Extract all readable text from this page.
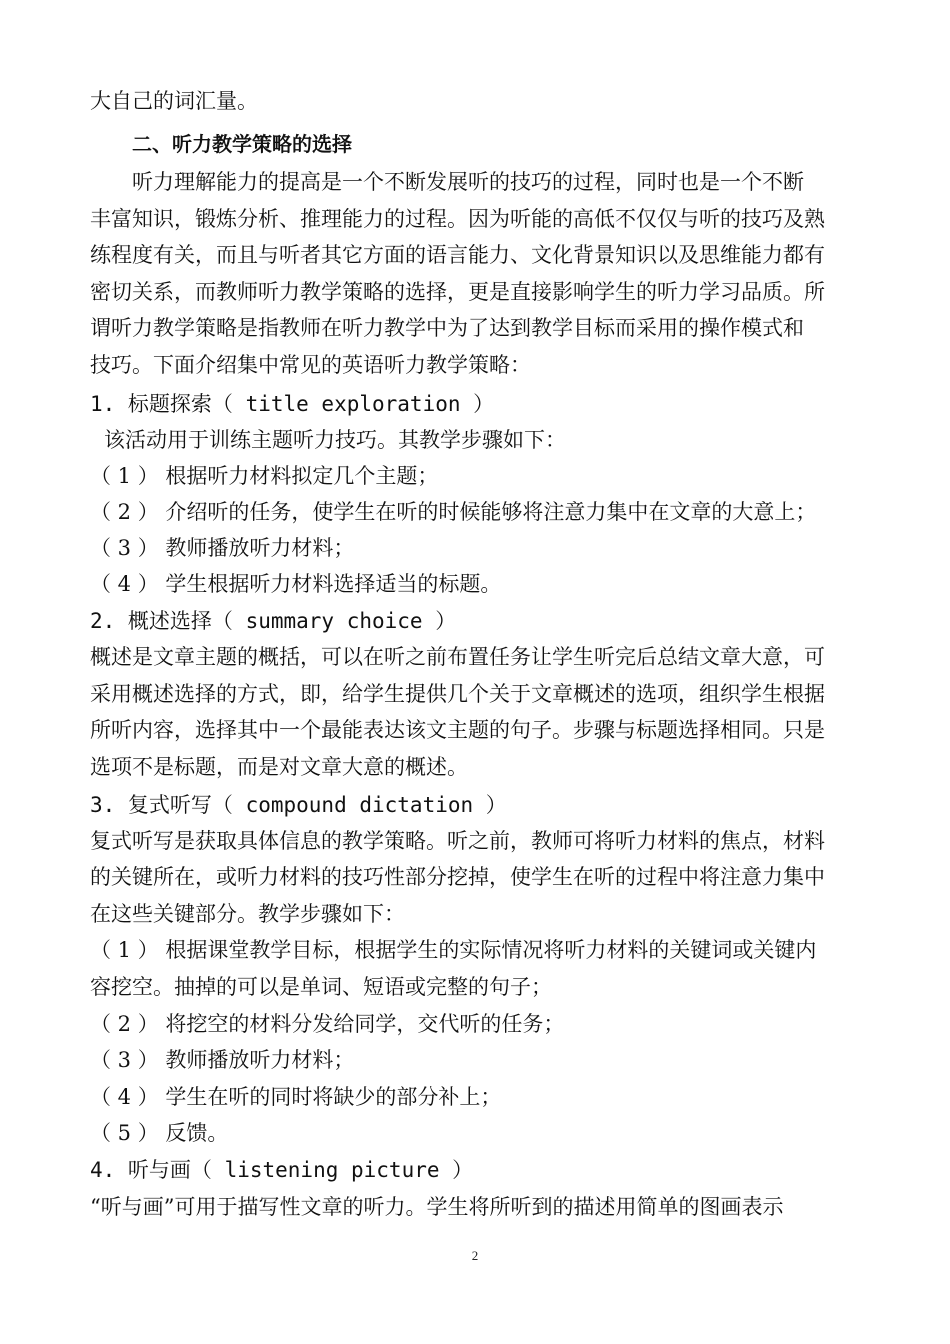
大自己的词汇量。
二、听力教学策略的选择
听力理解能力的提高是一个不断发展听的技巧的过程，同时也是一个不断
丰富知识，锻炼分析、推理能力的过程。因为听能的高低不仅仅与听的技巧及熟
练程度有关，而且与听者其它方面的语言能力、文化背景知识以及思维能力都有
密切关系，而教师听力教学策略的选择，更是直接影响学生的听力学习品质。所
谓听力教学策略是指教师在听力教学中为了达到教学目标而采用的操作模式和
技巧。下面介绍集中常见的英语听力教学策略：
1. 标题探索（ title exploration ）
该活动用于训练主题听力技巧。其教学步骤如下：
（ 1 ） 根据听力材料拟定几个主题；
（ 2 ） 介绍听的任务，使学生在听的时候能够将注意力集中在文章的大意上；
（ 3 ） 教师播放听力材料；
（ 4 ） 学生根据听力材料选择适当的标题。
2. 概述选择（ summary choice ）
概述是文章主题的概括，可以在听之前布置任务让学生听完后总结文章大意，可
采用概述选择的方式，即，给学生提供几个关于文章概述的选项，组织学生根据
所听内容，选择其中一个最能表达该文主题的句子。步骤与标题选择相同。只是
选项不是标题，而是对文章大意的概述。
3. 复式听写（ compound dictation ）
复式听写是获取具体信息的教学策略。听之前，教师可将听力材料的焦点，材料
的关键所在，或听力材料的技巧性部分挖掉，使学生在听的过程中将注意力集中
在这些关键部分。教学步骤如下：
（ 1 ） 根据课堂教学目标，根据学生的实际情况将听力材料的关键词或关键内
容挖空。抽掉的可以是单词、短语或完整的句子；
（ 2 ） 将挖空的材料分发给同学，交代听的任务；
（ 3 ） 教师播放听力材料；
（ 4 ） 学生在听的同时将缺少的部分补上；
（ 5 ） 反馈。
4. 听与画（ listening picture ）
“听与画”可用于描写性文章的听力。学生将所听到的描述用简单的图画表示
2
